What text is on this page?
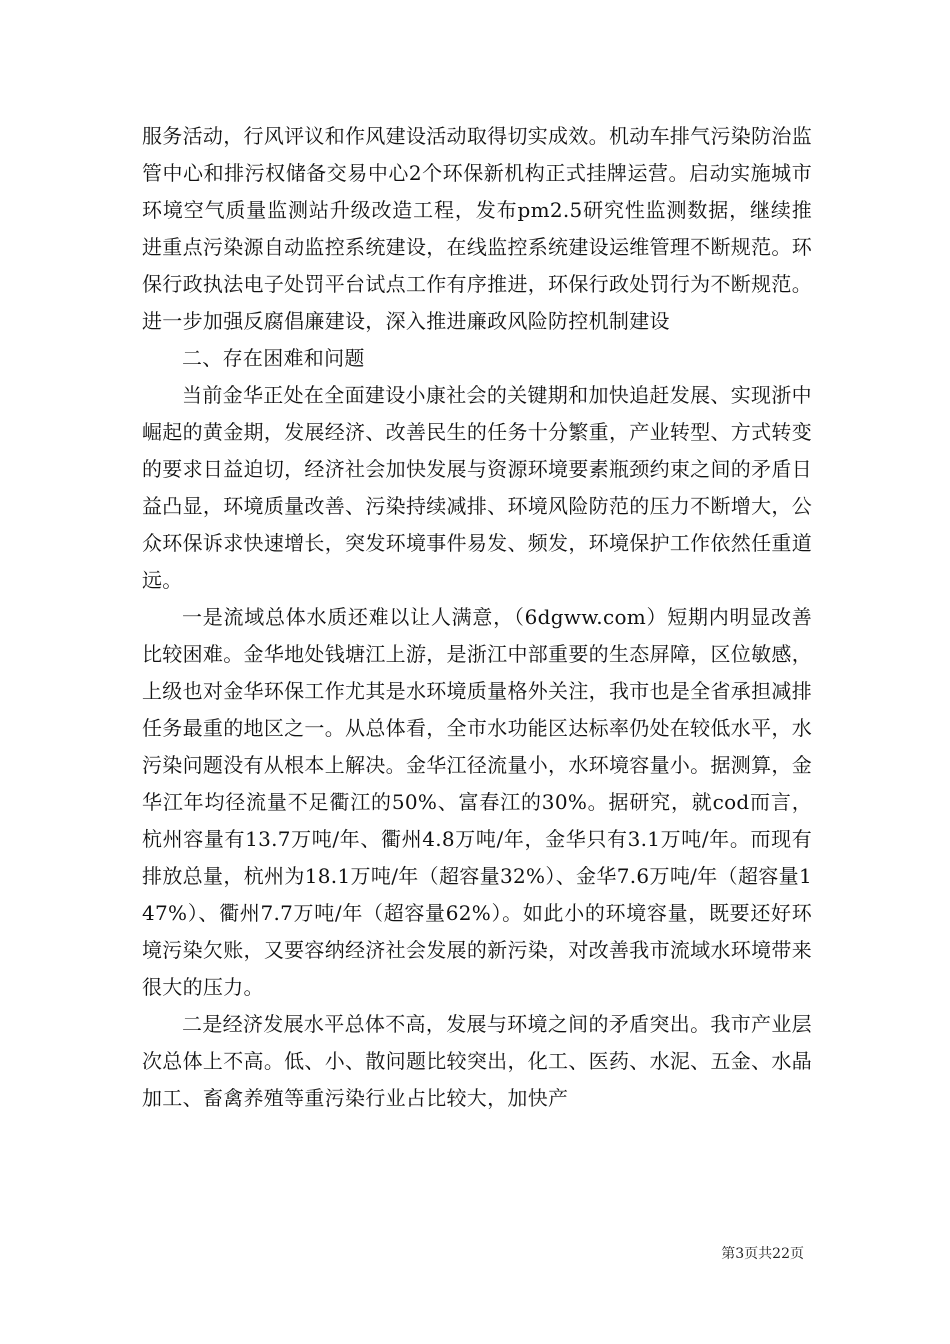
服务活动，行风评议和作风建设活动取得切实成效。机动车排气污染防治监管中心和排污权储备交易中心2个环保新机构正式挂牌运营。启动实施城市环境空气质量监测站升级改造工程，发布pm2.5研究性监测数据，继续推进重点污染源自动监控系统建设，在线监控系统建设运维管理不断规范。环保行政执法电子处罚平台试点工作有序推进，环保行政处罚行为不断规范。进一步加强反腐倡廉建设，深入推进廉政风险防控机制建设

二、存在困难和问题

当前金华正处在全面建设小康社会的关键期和加快追赶发展、实现浙中崛起的黄金期，发展经济、改善民生的任务十分繁重，产业转型、方式转变的要求日益迫切，经济社会加快发展与资源环境要素瓶颈约束之间的矛盾日益凸显，环境质量改善、污染持续减排、环境风险防范的压力不断增大，公众环保诉求快速增长，突发环境事件易发、频发，环境保护工作依然任重道远。

一是流域总体水质还难以让人满意，（6dgww.com）短期内明显改善比较困难。金华地处钱塘江上游，是浙江中部重要的生态屏障，区位敏感，上级也对金华环保工作尤其是水环境质量格外关注，我市也是全省承担减排任务最重的地区之一。从总体看，全市水功能区达标率仍处在较低水平，水污染问题没有从根本上解决。金华江径流量小，水环境容量小。据测算，金华江年均径流量不足衢江的50%、富春江的30%。据研究，就cod而言，杭州容量有13.7万吨/年、衢州4.8万吨/年，金华只有3.1万吨/年。而现有排放总量，杭州为18.1万吨/年（超容量32%）、金华7.6万吨/年（超容量147%）、衢州7.7万吨/年（超容量62%）。如此小的环境容量，既要还好环境污染欠账，又要容纳经济社会发展的新污染，对改善我市流域水环境带来很大的压力。

二是经济发展水平总体不高，发展与环境之间的矛盾突出。我市产业层次总体上不高。低、小、散问题比较突出，化工、医药、水泥、五金、水晶加工、畜禽养殖等重污染行业占比较大，加快产

第3页共22页
